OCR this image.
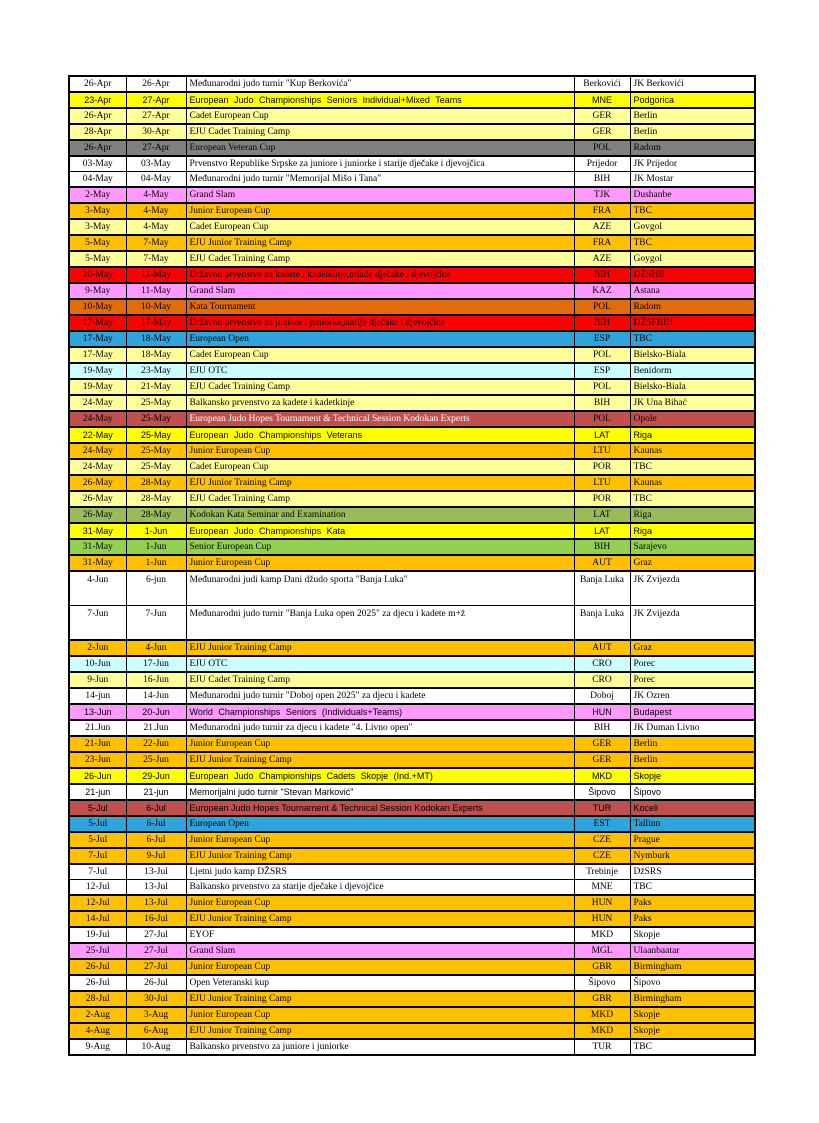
26-Apr	26-Apr	Međunarodni judo turnir "Kup Berkovića"	Berkovići	JK Berkovići
23-Apr	27-Apr	European Judo Championships Seniors Individual+Mixed Teams	MNE	Podgorica
26-Apr	27-Apr	Cadet European Cup	GER	Berlin
28-Apr	30-Apr	EJU Cadet Training Camp	GER	Berlin
26-Apr	27-Apr	European Veteran Cup	POL	Radom
03-May	03-May	Prvenstvo Republike Srpske za juniore i juniorke i starije dječake i djevojčica	Prijedor	JK Prijedor
04-May	04-May	Međunarodni judo turnir "Memorijal Mišo i Tana"	BIH	JK Mostar
2-May	4-May	Grand Slam	TJK	Dushanbe
3-May	4-May	Junior European Cup	FRA	TBC
3-May	4-May	Cadet European Cup	AZE	Govgol
5-May	7-May	EJU Junior Training Camp	FRA	TBC
5-May	7-May	EJU Cadet Training Camp	AZE	Goygol
10-May	11-May	Državno prvenstvo za kadete i kadetkinje,mlađe dječake i djevojčice	BIH	DŽSHB
9-May	11-May	Grand Slam	KAZ	Astana
10-May	10-May	Kata Tournament	POL	Radom
17-May	17-May	Državno prvenstvo za juniore i juniorke,starije dječake i djevojčice	BIH	DŽSFBIH
17-May	18-May	European Open	ESP	TBC
17-May	18-May	Cadet European Cup	POL	Bielsko-Biala
19-May	23-May	EJU OTC	ESP	Benidorm
19-May	21-May	EJU Cadet Training Camp	POL	Bielsko-Biala
24-May	25-May	Balkansko prvenstvo za kadete i kadetkinje	BIH	JK Una Bihać
24-May	25-May	European Judo Hopes Tournament & Technical Session Kodokan Experts	POL	Opole
22-May	25-May	European Judo Championships Veterans	LAT	Riga
24-May	25-May	Junior European Cup	LTU	Kaunas
24-May	25-May	Cadet European Cup	POR	TBC
26-May	28-May	EJU Junior Training Camp	LTU	Kaunas
26-May	28-May	EJU Cadet Training Camp	POR	TBC
26-May	28-May	Kodokan Kata Seminar and Examination	LAT	Riga
31-May	1-Jun	European Judo Championships Kata	LAT	Riga
31-May	1-Jun	Senior European Cup	BIH	Sarajevo
31-May	1-Jun	Junior European Cup	AUT	Graz
4-Jun	6-jun	Međunarodni judi kamp Dani džudo sporta "Banja Luka"	Banja Luka	JK Zvijezda
7-Jun	7-Jun	Međunarodni judo turnir "Banja Luka open 2025" za djecu i kadete m+ž	Banja Luka	JK Zvijezda
2-Jun	4-Jun	EJU Junior Training Camp	AUT	Graz
10-Jun	17-Jun	EJU OTC	CRO	Porec
9-Jun	16-Jun	EJU Cadet Training Camp	CRO	Porec
14-jun	14-Jun	Međunarodni judo turnir "Doboj open 2025" za djecu i kadete	Doboj	JK Ozren
13-Jun	20-Jun	World Championships Seniors (Individuals+Teams)	HUN	Budapest
21.Jun	21.Jun	Međunarodni judo turnir za djecu i kadete "4. Livno open"	BIH	JK Duman Livno
21-Jun	22-Jun	Junior European Cup	GER	Berlin
23-Jun	25-Jun	EJU Junior Training Camp	GER	Berlin
26-Jun	29-Jun	European Judo Championships Cadets Skopje (Ind.+MT)	MKD	Skopje
21-jun	21-jun	Memorijalni judo turnir "Stevan Marković"	Šipovo	Šipovo
5-Jul	6-Jul	European Judo Hopes Tournament & Technical Session Kodokan Experts	TUR	Koceli
5-Jul	6-Jul	European Open	EST	Tallinn
5-Jul	6-Jul	Junior European Cup	CZE	Prague
7-Jul	9-Jul	EJU Junior Training Camp	CZE	Nymburk
7-Jul	13-Jul	Ljetni judo kamp DŽSRS	Trebinje	DžSRS
12-Jul	13-Jul	Balkansko prvenstvo za starije dječake i djevojčice	MNE	TBC
12-Jul	13-Jul	Junior European Cup	HUN	Paks
14-Jul	16-Jul	EJU Junior Training Camp	HUN	Paks
19-Jul	27-Jul	EYOF	MKD	Skopje
25-Jul	27-Jul	Grand Slam	MGL	Ulaanbaatar
26-Jul	27-Jul	Junior European Cup	GBR	Birmingham
26-Jul	26-Jul	Open Veteranski kup	Šipovo	Šipovo
28-Jul	30-Jul	EJU Junior Training Camp	GBR	Birmingham
2-Aug	3-Aug	Junior European Cup	MKD	Skopje
4-Aug	6-Aug	EJU Junior Training Camp	MKD	Skopje
9-Aug	10-Aug	Balkansko prvenstvo za juniore i juniorke	TUR	TBC
